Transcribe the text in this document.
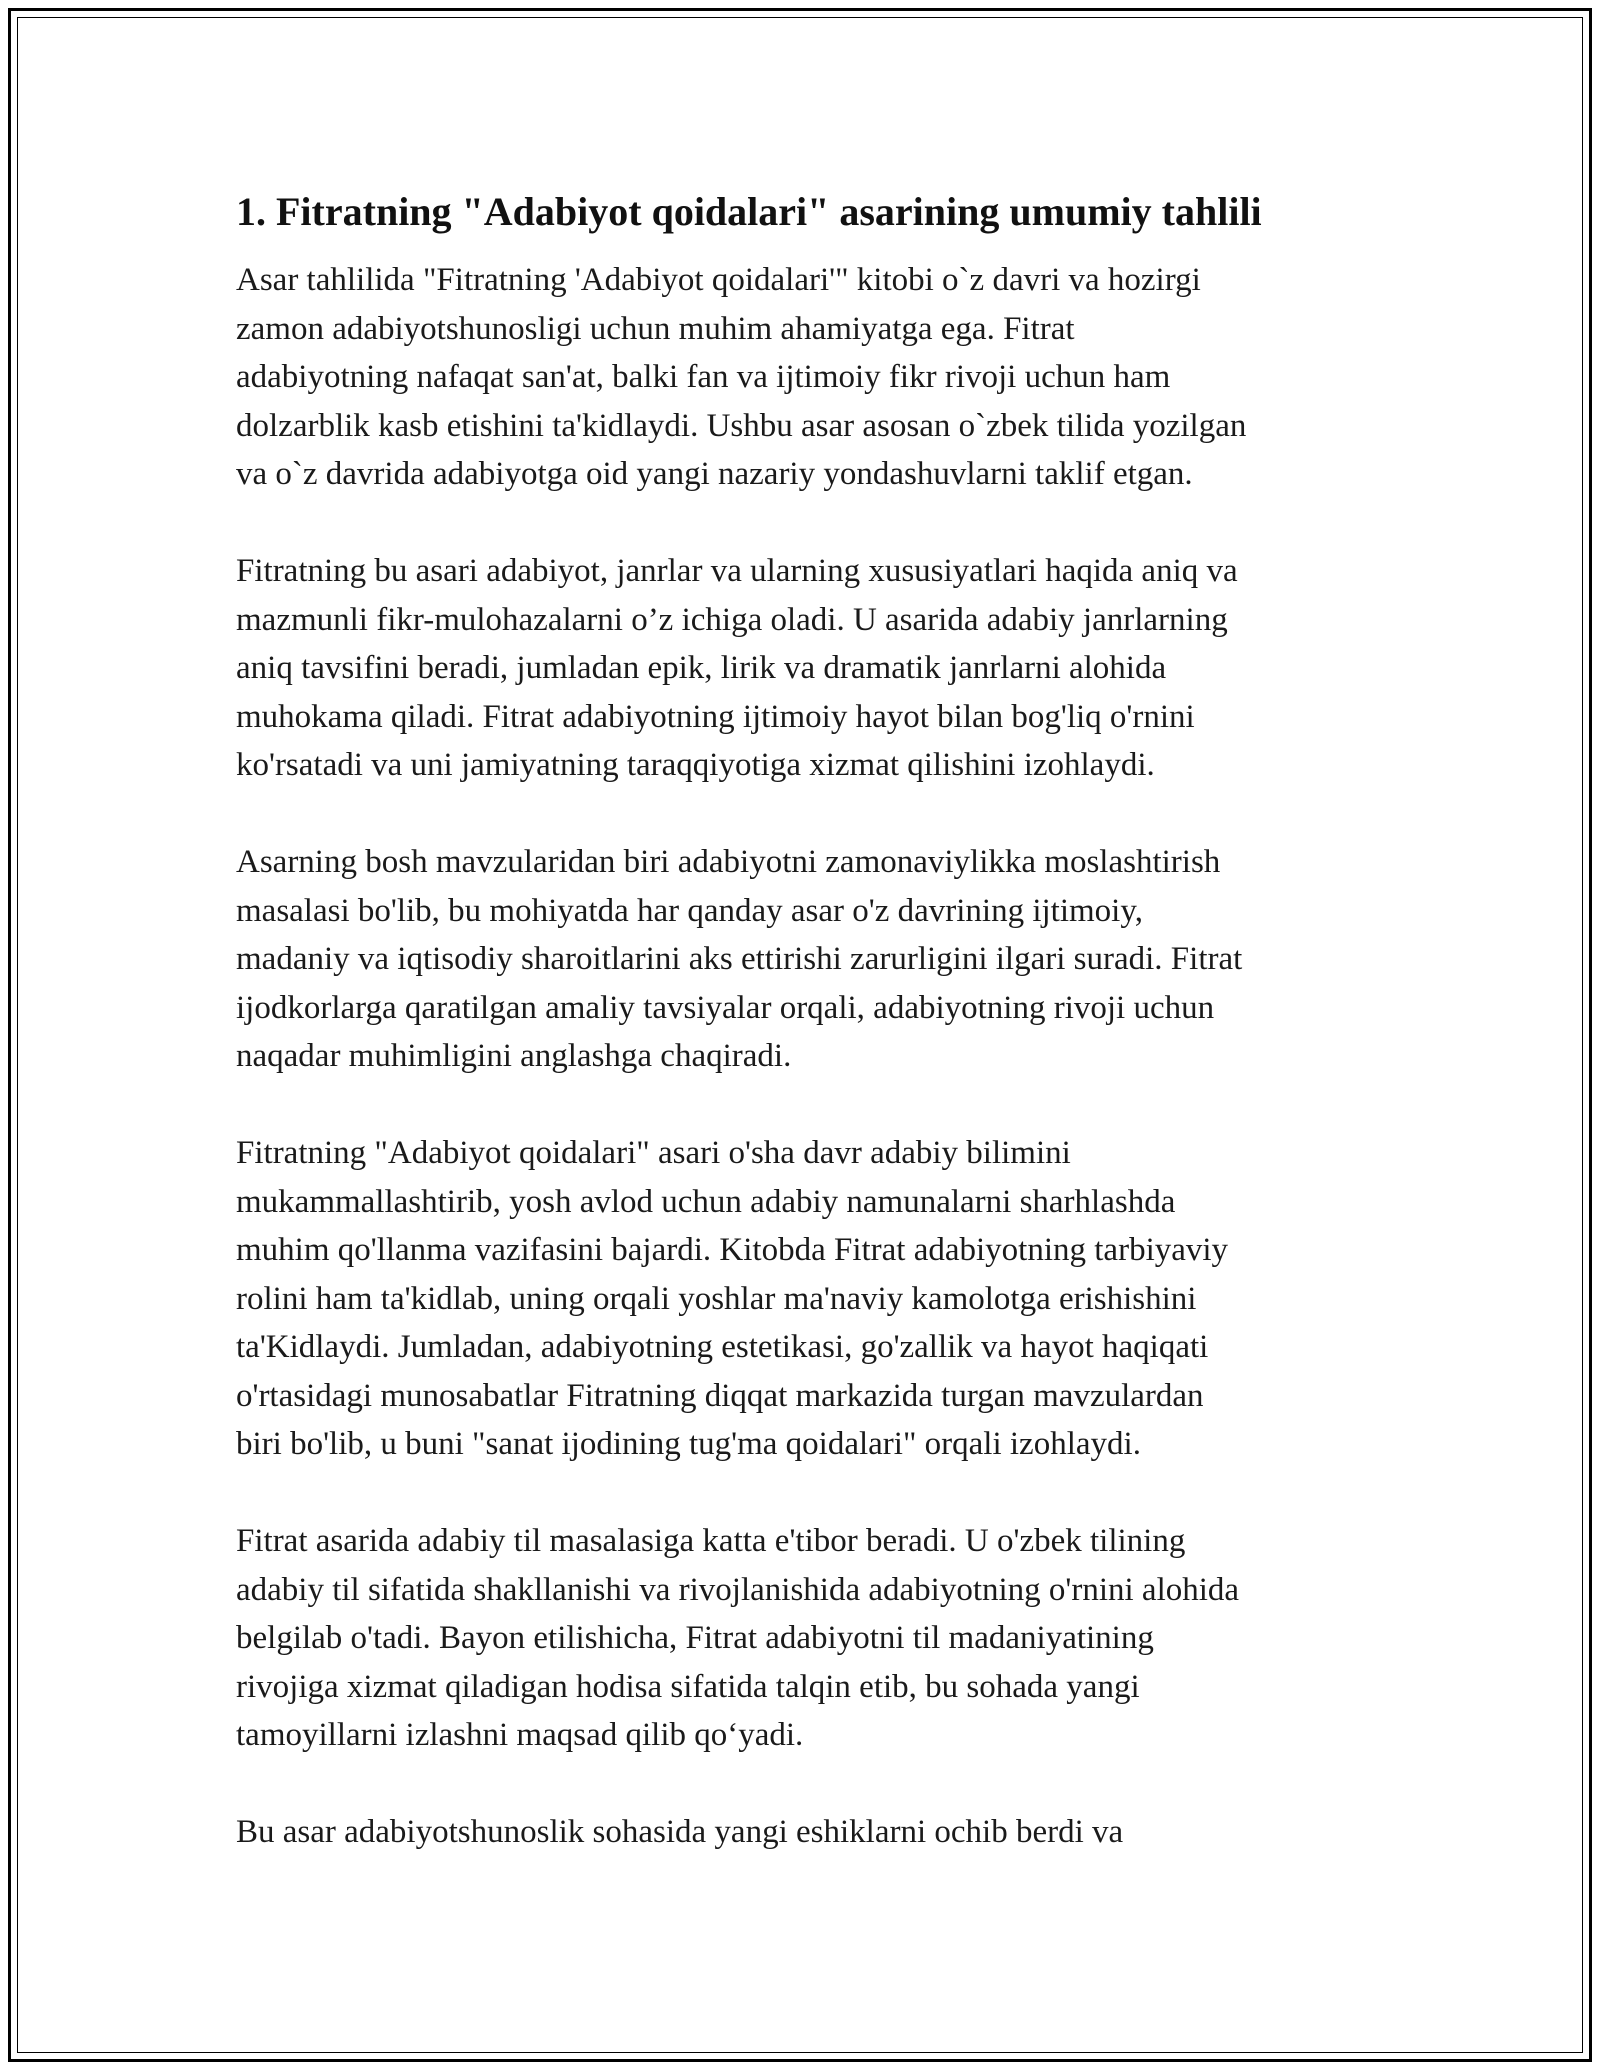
1. Fitratning "Adabiyot qoidalari" asarining umumiy tahlili
Asar tahlilida "Fitratning 'Adabiyot qoidalari'" kitobi o`z davri va hozirgi
zamon adabiyotshunosligi uchun muhim ahamiyatga ega. Fitrat
adabiyotning nafaqat san'at, balki fan va ijtimoiy fikr rivoji uchun ham
dolzarblik kasb etishini ta'kidlaydi. Ushbu asar asosan o`zbek tilida yozilgan
va o`z davrida adabiyotga oid yangi nazariy yondashuvlarni taklif etgan.
Fitratning bu asari adabiyot, janrlar va ularning xususiyatlari haqida aniq va
mazmunli fikr-mulohazalarni o’z ichiga oladi. U asarida adabiy janrlarning
aniq tavsifini beradi, jumladan epik, lirik va dramatik janrlarni alohida
muhokama qiladi. Fitrat adabiyotning ijtimoiy hayot bilan bog'liq o'rnini
ko'rsatadi va uni jamiyatning taraqqiyotiga xizmat qilishini izohlaydi.
Asarning bosh mavzularidan biri adabiyotni zamonaviylikka moslashtirish
masalasi bo'lib, bu mohiyatda har qanday asar o'z davrining ijtimoiy,
madaniy va iqtisodiy sharoitlarini aks ettirishi zarurligini ilgari suradi. Fitrat
ijodkorlarga qaratilgan amaliy tavsiyalar orqali, adabiyotning rivoji uchun
naqadar muhimligini anglashga chaqiradi.
Fitratning "Adabiyot qoidalari" asari o'sha davr adabiy bilimini
mukammallashtirib, yosh avlod uchun adabiy namunalarni sharhlashda
muhim qo'llanma vazifasini bajardi. Kitobda Fitrat adabiyotning tarbiyaviy
rolini ham ta'kidlab, uning orqali yoshlar ma'naviy kamolotga erishishini
ta'Kidlaydi. Jumladan, adabiyotning estetikasi, go'zallik va hayot haqiqati
o'rtasidagi munosabatlar Fitratning diqqat markazida turgan mavzulardan
biri bo'lib, u buni "sanat ijodining tug'ma qoidalari" orqali izohlaydi.
Fitrat asarida adabiy til masalasiga katta e'tibor beradi. U o'zbek tilining
adabiy til sifatida shakllanishi va rivojlanishida adabiyotning o'rnini alohida
belgilab o'tadi. Bayon etilishicha, Fitrat adabiyotni til madaniyatining
rivojiga xizmat qiladigan hodisa sifatida talqin etib, bu sohada yangi
tamoyillarni izlashni maqsad qilib qo‘yadi.
Bu asar adabiyotshunoslik sohasida yangi eshiklarni ochib berdi va
